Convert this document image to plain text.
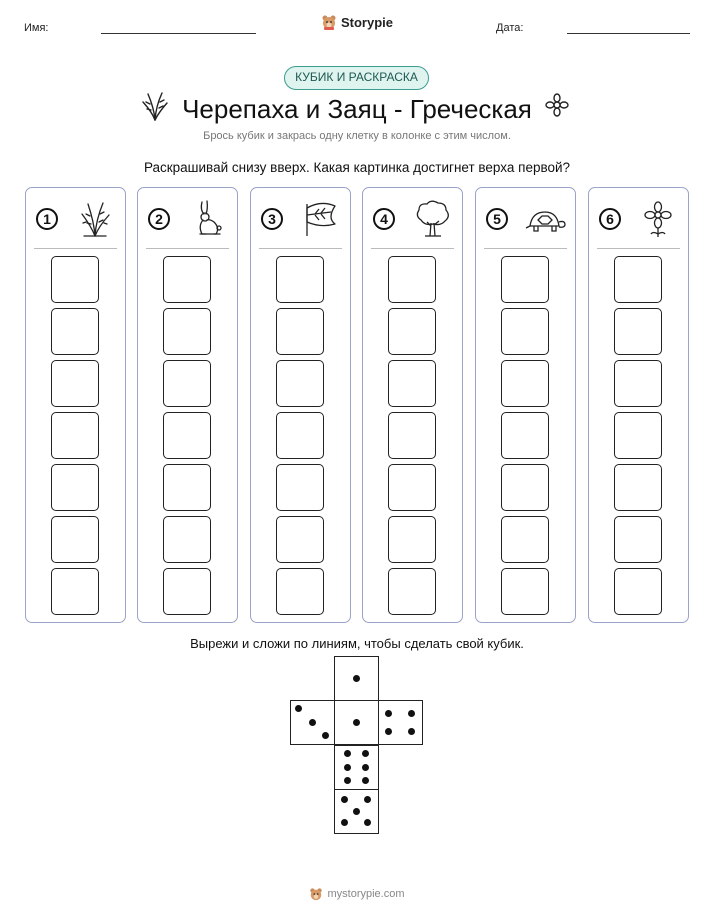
Имя:	Storypie	Дата:
КУБИК И РАСКРАСКА
Черепаха и Заяц - Греческая
Брось кубик и закрась одну клетку в колонке с этим числом.
Раскрашивай снизу вверх. Какая картинка достигнет верха первой?
1	2	3	4	5	6
Вырежи и сложи по линиям, чтобы сделать свой кубик.
mystorypie.com
